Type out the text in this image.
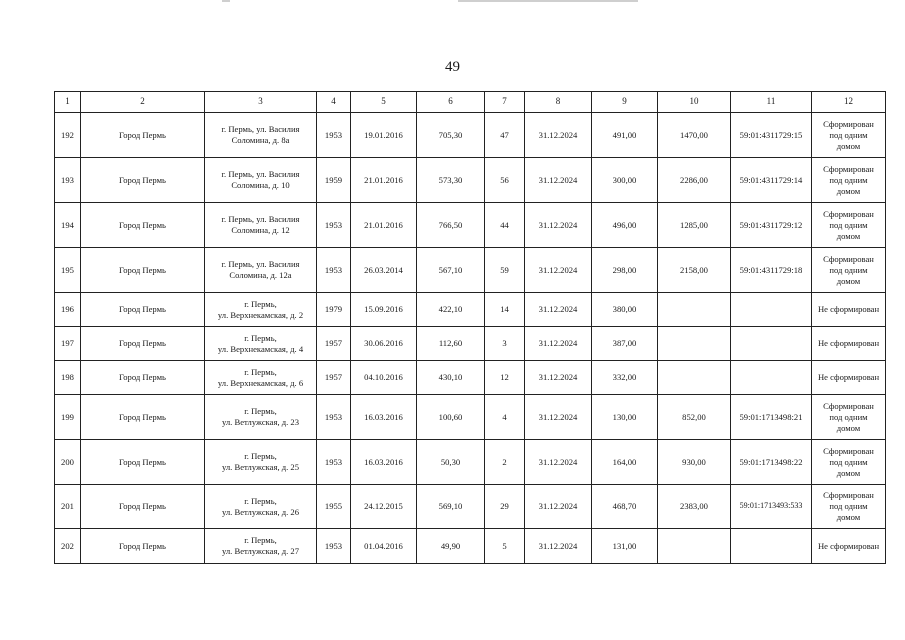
49
1	2	3	4	5	6	7	8	9	10	11	12
192	Город Пермь	г. Пермь, ул. Василия
Соломина, д. 8а	1953	19.01.2016	705,30	47	31.12.2024	491,00	1470,00	59:01:4311729:15	Сформирован
под одним
домом
193	Город Пермь	г. Пермь, ул. Василия
Соломина, д. 10	1959	21.01.2016	573,30	56	31.12.2024	300,00	2286,00	59:01:4311729:14	Сформирован
под одним
домом
194	Город Пермь	г. Пермь, ул. Василия
Соломина, д. 12	1953	21.01.2016	766,50	44	31.12.2024	496,00	1285,00	59:01:4311729:12	Сформирован
под одним
домом
195	Город Пермь	г. Пермь, ул. Василия
Соломина, д. 12а	1953	26.03.2014	567,10	59	31.12.2024	298,00	2158,00	59:01:4311729:18	Сформирован
под одним
домом
196	Город Пермь	г. Пермь,
ул. Верхнекамская, д. 2	1979	15.09.2016	422,10	14	31.12.2024	380,00			Не сформирован
197	Город Пермь	г. Пермь,
ул. Верхнекамская, д. 4	1957	30.06.2016	112,60	3	31.12.2024	387,00			Не сформирован
198	Город Пермь	г. Пермь,
ул. Верхнекамская, д. 6	1957	04.10.2016	430,10	12	31.12.2024	332,00			Не сформирован
199	Город Пермь	г. Пермь,
ул. Ветлужская, д. 23	1953	16.03.2016	100,60	4	31.12.2024	130,00	852,00	59:01:1713498:21	Сформирован
под одним
домом
200	Город Пермь	г. Пермь,
ул. Ветлужская, д. 25	1953	16.03.2016	50,30	2	31.12.2024	164,00	930,00	59:01:1713498:22	Сформирован
под одним
домом
201	Город Пермь	г. Пермь,
ул. Ветлужская, д. 26	1955	24.12.2015	569,10	29	31.12.2024	468,70	2383,00	59:01:1713493:533	Сформирован
под одним
домом
202	Город Пермь	г. Пермь,
ул. Ветлужская, д. 27	1953	01.04.2016	49,90	5	31.12.2024	131,00			Не сформирован
